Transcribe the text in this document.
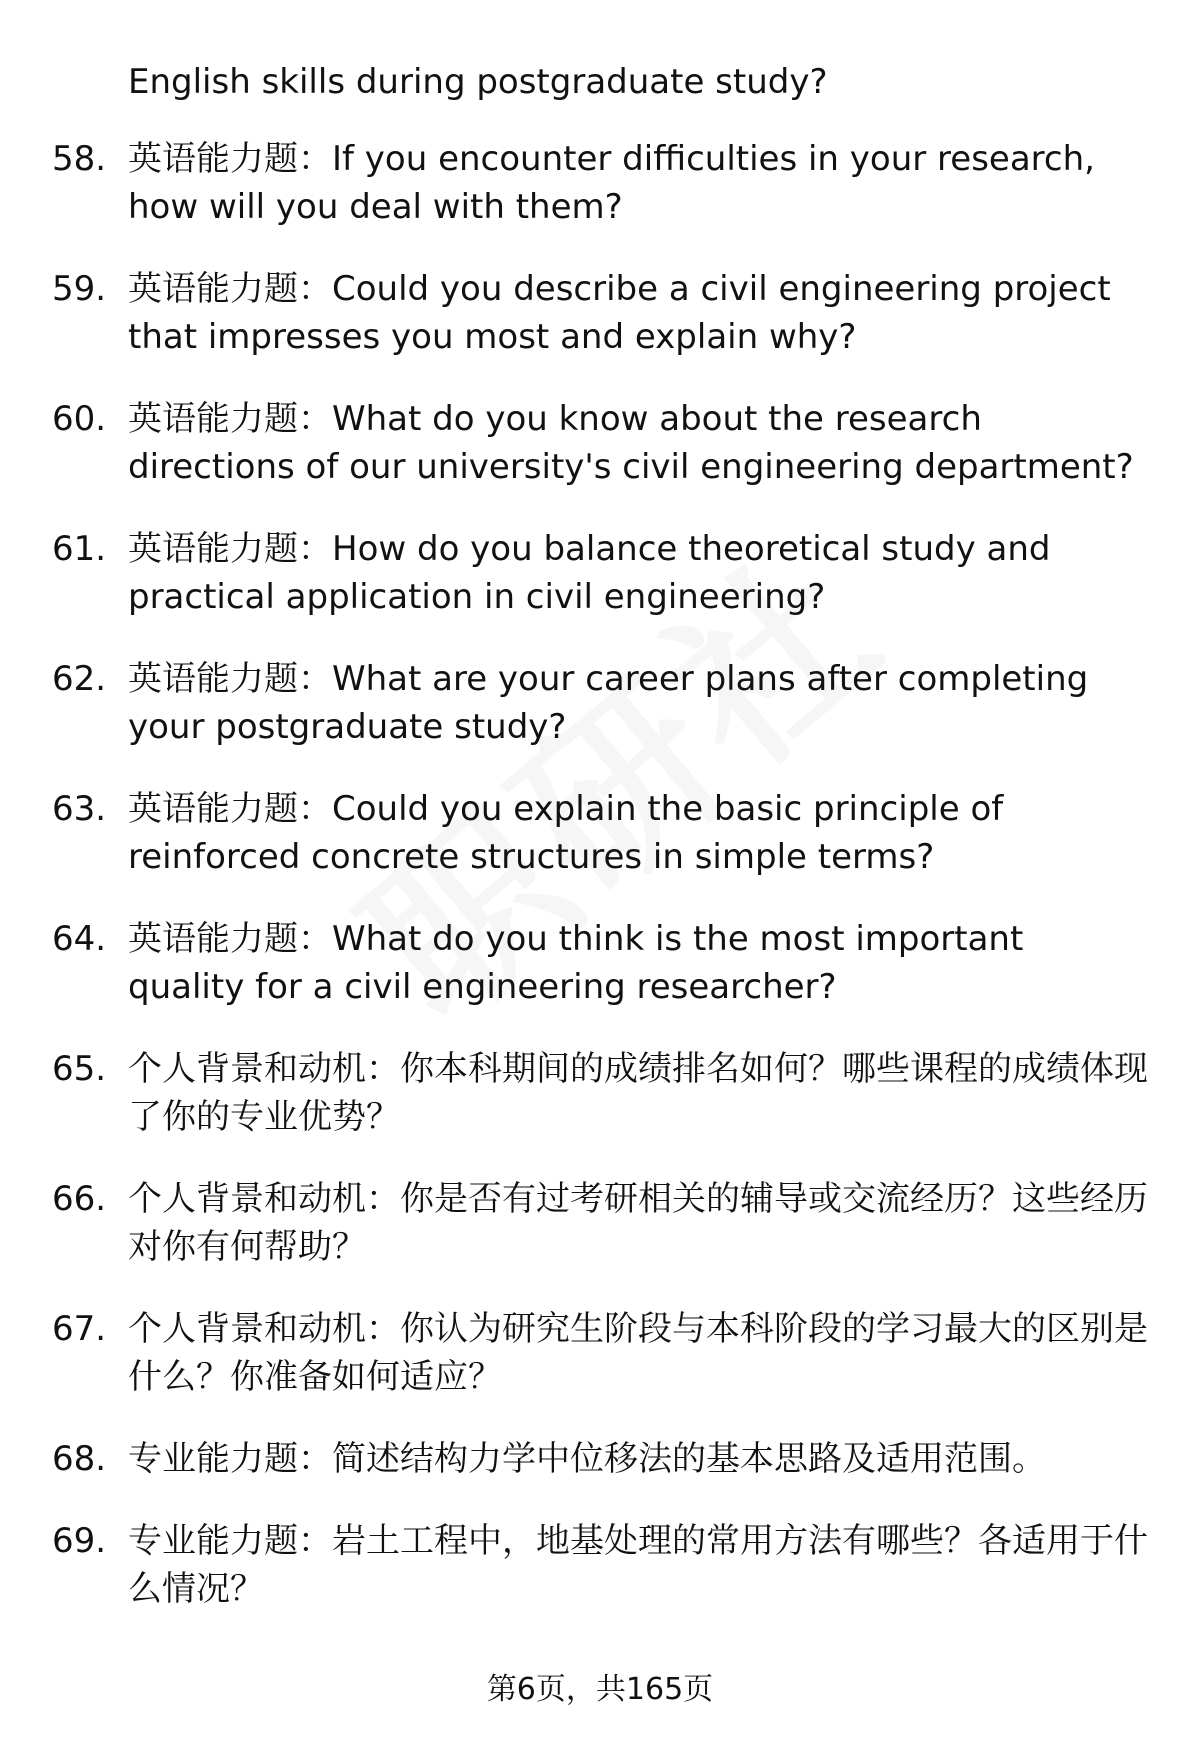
English skills during postgraduate study?
58. 英语能力题：If you encounter difficulties in your research, how will you deal with them?
59. 英语能力题：Could you describe a civil engineering project that impresses you most and explain why?
60. 英语能力题：What do you know about the research directions of our university's civil engineering department?
61. 英语能力题：How do you balance theoretical study and practical application in civil engineering?
62. 英语能力题：What are your career plans after completing your postgraduate study?
63. 英语能力题：Could you explain the basic principle of reinforced concrete structures in simple terms?
64. 英语能力题：What do you think is the most important quality for a civil engineering researcher?
65. 个人背景和动机：你本科期间的成绩排名如何？哪些课程的成绩体现了你的专业优势？
66. 个人背景和动机：你是否有过考研相关的辅导或交流经历？这些经历对你有何帮助？
67. 个人背景和动机：你认为研究生阶段与本科阶段的学习最大的区别是什么？你准备如何适应？
68. 专业能力题：简述结构力学中位移法的基本思路及适用范围。
69. 专业能力题：岩土工程中，地基处理的常用方法有哪些？各适用于什么情况？
第6页，共165页
